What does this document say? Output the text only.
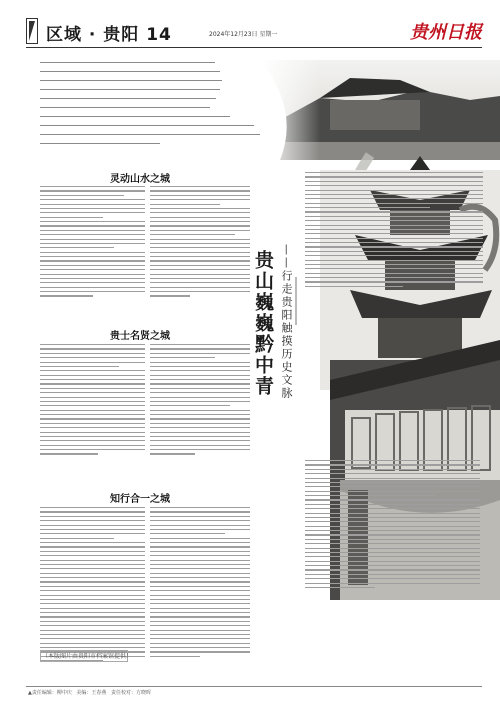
区域 · 贵阳 14	2024年12月23日 星期一	贵州日报
贵山巍巍黔中青 ——行走贵阳触摸历史文脉
灵动山水之城
贵士名贤之城
知行合一之城
（本版图片由贵阳市档案馆提供）
▲责任编辑：柳中庆 美编：王春燕 责任校对：方晓晖
